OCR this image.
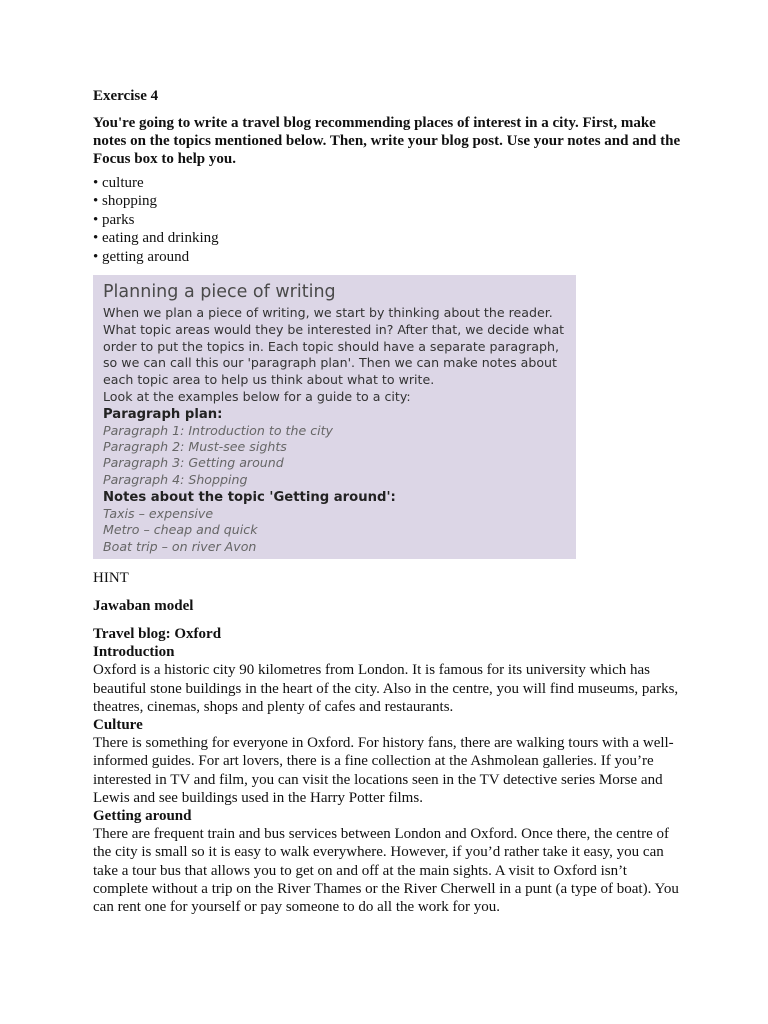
Exercise 4

You're going to write a travel blog recommending places of interest in a city. First, make notes on the topics mentioned below. Then, write your blog post. Use your notes and and the Focus box to help you.

• culture
• shopping
• parks
• eating and drinking
• getting around

Planning a piece of writing

When we plan a piece of writing, we start by thinking about the reader. What topic areas would they be interested in? After that, we decide what order to put the topics in. Each topic should have a separate paragraph, so we can call this our 'paragraph plan'. Then we can make notes about each topic area to help us think about what to write.

Look at the examples below for a guide to a city:

Paragraph plan:

Paragraph 1: Introduction to the city

Paragraph 2: Must-see sights

Paragraph 3: Getting around

Paragraph 4: Shopping

Notes about the topic 'Getting around':

Taxis – expensive

Metro – cheap and quick

Boat trip – on river Avon

HINT
Jawaban model

Travel blog: Oxford

Introduction

Oxford is a historic city 90 kilometres from London. It is famous for its university which has beautiful stone buildings in the heart of the city. Also in the centre, you will find museums, parks, theatres, cinemas, shops and plenty of cafes and restaurants.

Culture

There is something for everyone in Oxford. For history fans, there are walking tours with a well-informed guides. For art lovers, there is a fine collection at the Ashmolean galleries. If you’re interested in TV and film, you can visit the locations seen in the TV detective series Morse and Lewis and see buildings used in the Harry Potter films.

Getting around

There are frequent train and bus services between London and Oxford. Once there, the centre of the city is small so it is easy to walk everywhere. However, if you’d rather take it easy, you can take a tour bus that allows you to get on and off at the main sights. A visit to Oxford isn’t complete without a trip on the River Thames or the River Cherwell in a punt (a type of boat). You can rent one for yourself or pay someone to do all the work for you.
